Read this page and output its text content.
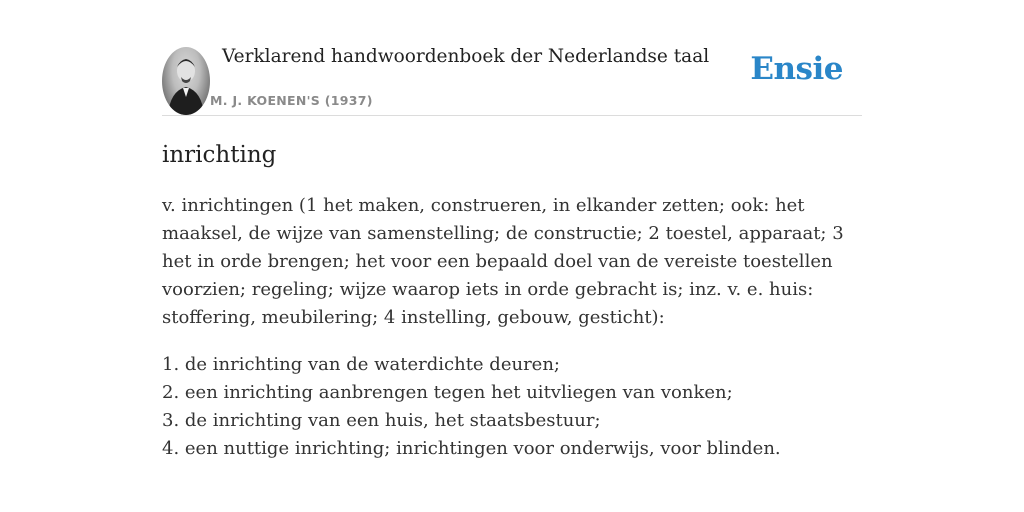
Verklarend handwoordenboek der Nederlandse taal
M. J. KOENEN'S (1937)
Ensie
inrichting
v. inrichtingen (1 het maken, construeren, in elkander zetten; ook: het maaksel, de wijze van samenstelling; de constructie; 2 toestel, apparaat; 3 het in orde brengen; het voor een bepaald doel van de vereiste toestellen voorzien; regeling; wijze waarop iets in orde gebracht is; inz. v. e. huis: stoffering, meubilering; 4 instelling, gebouw, gesticht):
1. de inrichting van de waterdichte deuren;
2. een inrichting aanbrengen tegen het uitvliegen van vonken;
3. de inrichting van een huis, het staatsbestuur;
4. een nuttige inrichting; inrichtingen voor onderwijs, voor blinden.
